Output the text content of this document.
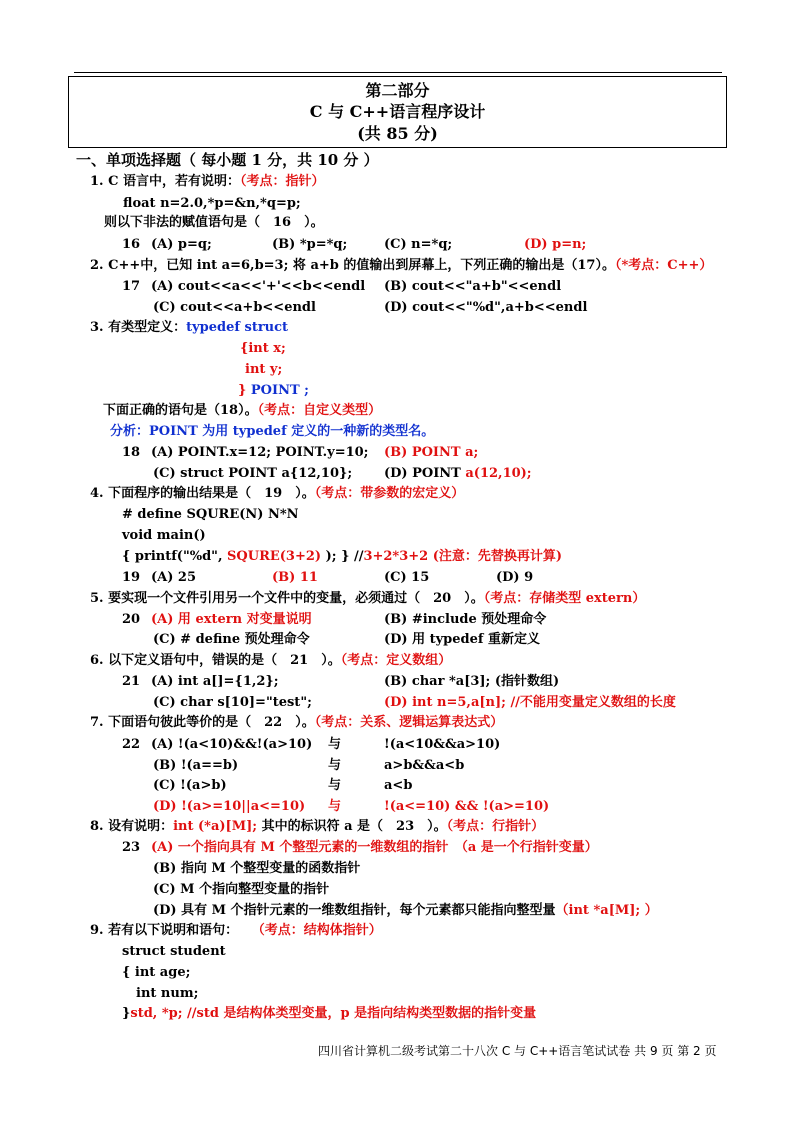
第二部分
C 与 C++语言程序设计
(共 85 分)
一、单项选择题（ 每小题 1 分，共 10 分 ）
1. C 语言中，若有说明：（考点：指针）
float n=2.0,*p=&n,*q=p;
则以下非法的赋值语句是（　16　）。
16 (A) p=q;	(B) *p=*q;	(C) n=*q;	(D) p=n;
2. C++中，已知 int a=6,b=3; 将 a+b 的值输出到屏幕上，下列正确的输出是（17）。（*考点：C++）
17 (A) cout<<a<<'+'<<b<<endl (B) cout<<"a+b"<<endl
(C) cout<<a+b<<endl	(D) cout<<"%d",a+b<<endl
3. 有类型定义：typedef struct
{int x;
int y;
} POINT ;
下面正确的语句是（18）。（考点：自定义类型）
分析：POINT 为用 typedef 定义的一种新的类型名。
18 (A) POINT.x=12; POINT.y=10; (B) POINT a;
(C) struct POINT a{12,10}; (D) POINT a(12,10);
4. 下面程序的输出结果是（　19　）。（考点：带参数的宏定义）
# define SQURE(N) N*N
void main()
{ printf("%d", SQURE(3+2) ); } //3+2*3+2 (注意：先替换再计算)
19 (A) 25	(B) 11	(C) 15	(D) 9
5. 要实现一个文件引用另一个文件中的变量，必须通过（　20　）。（考点：存储类型 extern）
20 (A) 用 extern 对变量说明	(B) #include 预处理命令
(C) # define 预处理命令	(D) 用 typedef 重新定义
6. 以下定义语句中，错误的是（　21　）。（考点：定义数组）
21 (A) int a[]={1,2};	(B) char *a[3]; (指针数组)
(C) char s[10]="test";	(D) int n=5,a[n]; //不能用变量定义数组的长度
7. 下面语句彼此等价的是（　22　）。（考点：关系、逻辑运算表达式）
22 (A) !(a<10)&&!(a>10) 与	!(a<10&&a>10)
(B) !(a==b)	与	a>b&&a<b
(C) !(a>b)	与	a<b
(D) !(a>=10||a<=10) 与	!(a<=10) && !(a>=10)
8. 设有说明：int (*a)[M]; 其中的标识符 a 是（　23　）。（考点：行指针）
23 (A) 一个指向具有 M 个整型元素的一维数组的指针　（a 是一个行指针变量）
(B) 指向 M 个整型变量的函数指针
(C) M 个指向整型变量的指针
(D) 具有 M 个指针元素的一维数组指针，每个元素都只能指向整型量（int *a[M]; ）
9. 若有以下说明和语句： （考点：结构体指针）
struct student
{ int age;
int num;
}std, *p; //std 是结构体类型变量，p 是指向结构类型数据的指针变量
四川省计算机二级考试第二十八次 C 与 C++语言笔试试卷 共 9 页 第 2 页
